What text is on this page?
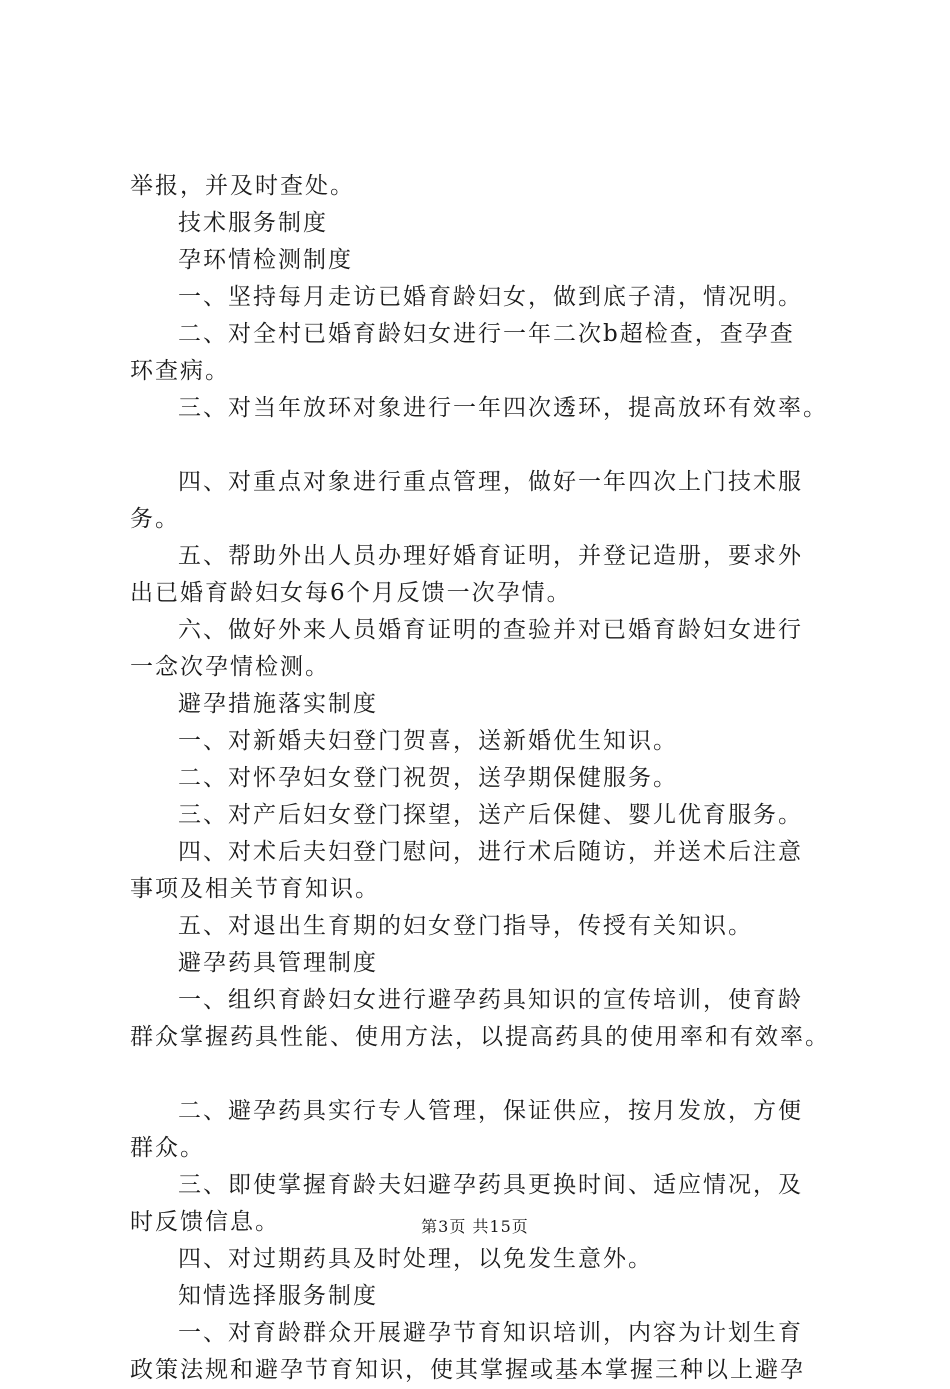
举报，并及时查处。
技术服务制度
孕环情检测制度
一、坚持每月走访已婚育龄妇女，做到底子清，情况明。
二、对全村已婚育龄妇女进行一年二次b超检查，查孕查
环查病。
三、对当年放环对象进行一年四次透环，提高放环有效率。
四、对重点对象进行重点管理，做好一年四次上门技术服
务。
五、帮助外出人员办理好婚育证明，并登记造册，要求外
出已婚育龄妇女每6个月反馈一次孕情。
六、做好外来人员婚育证明的查验并对已婚育龄妇女进行
一念次孕情检测。
避孕措施落实制度
一、对新婚夫妇登门贺喜，送新婚优生知识。
二、对怀孕妇女登门祝贺，送孕期保健服务。
三、对产后妇女登门探望，送产后保健、婴儿优育服务。
四、对术后夫妇登门慰问，进行术后随访，并送术后注意
事项及相关节育知识。
五、对退出生育期的妇女登门指导，传授有关知识。
避孕药具管理制度
一、组织育龄妇女进行避孕药具知识的宣传培训，使育龄
群众掌握药具性能、使用方法，以提高药具的使用率和有效率。
二、避孕药具实行专人管理，保证供应，按月发放，方便
群众。
三、即使掌握育龄夫妇避孕药具更换时间、适应情况，及
时反馈信息。
四、对过期药具及时处理，以免发生意外。
知情选择服务制度
一、对育龄群众开展避孕节育知识培训，内容为计划生育
政策法规和避孕节育知识，使其掌握或基本掌握三种以上避孕
第3页 共15页
